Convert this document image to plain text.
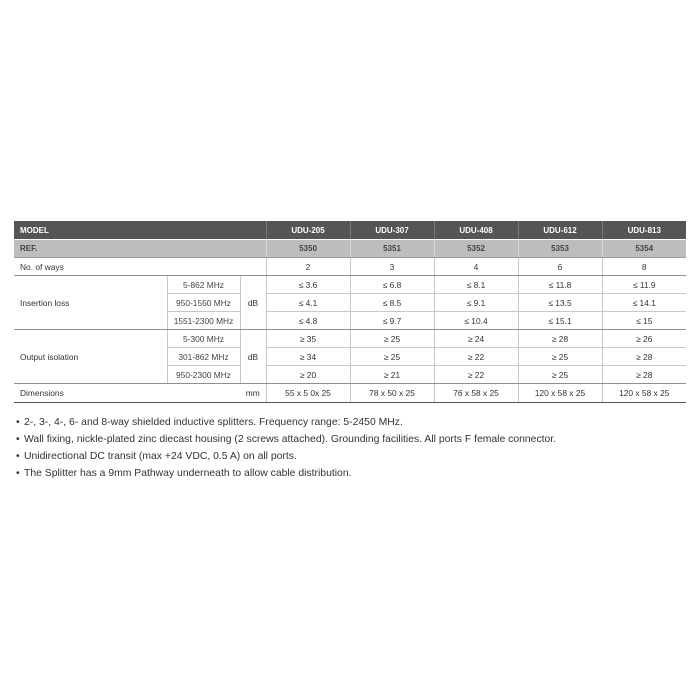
MODEL			UDU-205	UDU-307	UDU-408	UDU-612	UDU-813
REF.			5350	5351	5352	5353	5354
No. of ways			2	3	4	6	8
Insertion loss	5-862 MHz	dB	≤ 3.6	≤ 6.8	≤ 8.1	≤ 11.8	≤ 11.9
	950-1550 MHz		≤ 4.1	≤ 8.5	≤ 9.1	≤ 13.5	≤ 14.1
	1551-2300 MHz		≤ 4.8	≤ 9.7	≤ 10.4	≤ 15.1	≤ 15
Output isolation	5-300 MHz	dB	≥ 35	≥ 25	≥ 24	≥ 28	≥ 26
	301-862 MHz		≥ 34	≥ 25	≥ 22	≥ 25	≥ 28
	950-2300 MHz		≥ 20	≥ 21	≥ 22	≥ 25	≥ 28
Dimensions		mm	55 x 5 0x 25	78 x 50 x 25	76 x 58 x 25	120 x 58 x 25	120 x 58 x 25
• 2-, 3-, 4-, 6- and 8-way shielded inductive splitters. Frequency range: 5-2450 MHz.
• Wall fixing, nickle-plated zinc diecast housing (2 screws attached). Grounding facilities. All ports F female connector.
• Unidirectional DC transit (max +24 VDC, 0.5 A) on all ports.
• The Splitter has a 9mm Pathway underneath to allow cable distribution.
